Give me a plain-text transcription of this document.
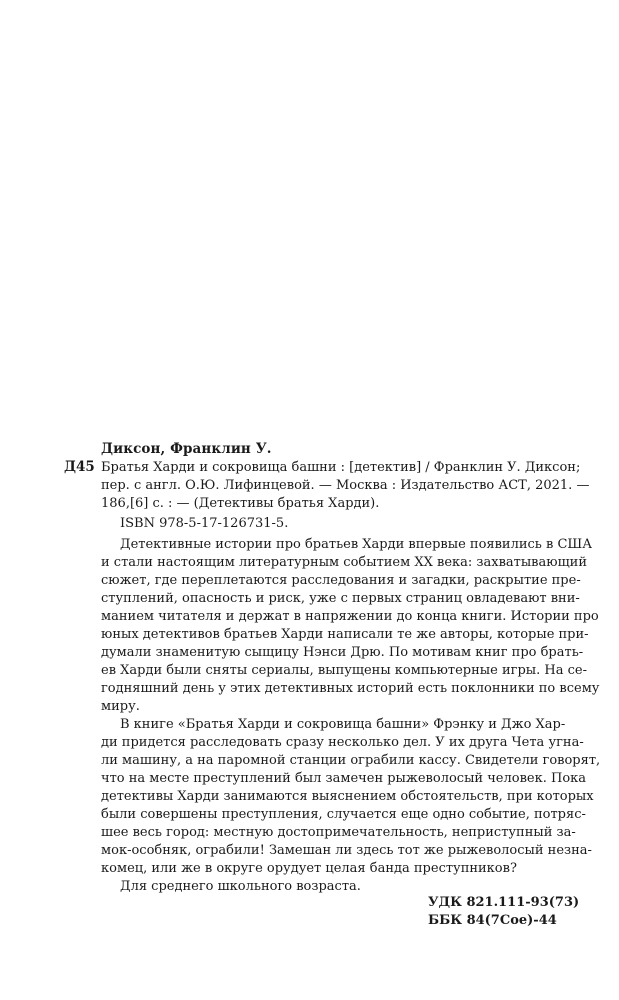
Диксон, Франклин У.
Д45 Братья Харди и сокровища башни : [детектив] / Франклин У. Диксон;
пер. с англ. О.Ю. Лифинцевой. — Москва : Издательство АСТ, 2021. —
186,[6] с. : — (Детективы братья Харди).
ISBN 978-5-17-126731-5.
Детективные истории про братьев Харди впервые появились в США
и стали настоящим литературным событием XX века: захватывающий
сюжет, где переплетаются расследования и загадки, раскрытие пре-
ступлений, опасность и риск, уже с первых страниц овладевают вни-
манием читателя и держат в напряжении до конца книги. Истории про
юных детективов братьев Харди написали те же авторы, которые при-
думали знаменитую сыщицу Нэнси Дрю. По мотивам книг про брать-
ев Харди были сняты сериалы, выпущены компьютерные игры. На се-
годняшний день у этих детективных историй есть поклонники по всему
миру.
В книге «Братья Харди и сокровища башни» Фрэнку и Джо Хар-
ди придется расследовать сразу несколько дел. У их друга Чета угна-
ли машину, а на паромной станции ограбили кассу. Свидетели говорят,
что на месте преступлений был замечен рыжеволосый человек. Пока
детективы Харди занимаются выяснением обстоятельств, при которых
были совершены преступления, случается еще одно событие, потряс-
шее весь город: местную достопримечательность, неприступный за-
мок-особняк, ограбили! Замешан ли здесь тот же рыжеволосый незна-
комец, или же в округе орудует целая банда преступников?
Для среднего школьного возраста.
УДК 821.111-93(73)
ББК 84(7Сое)-44
